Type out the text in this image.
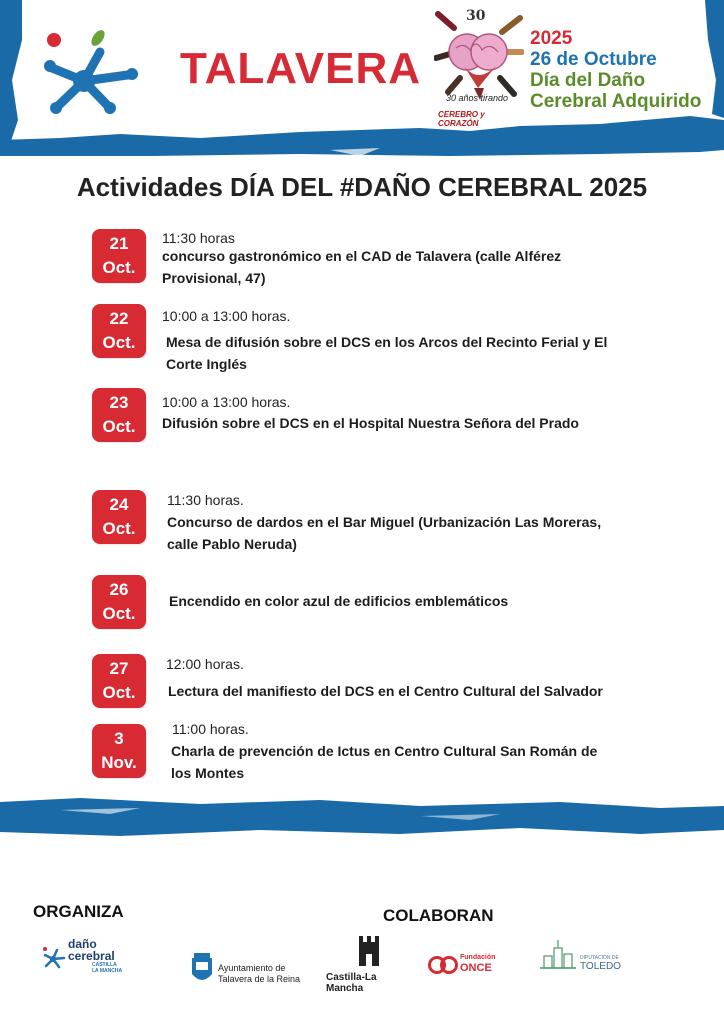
TALAVERA
30
30 años tirando
CEREBRO y CORAZÓN
2025
26 de Octubre
Día del Daño
Cerebral Adquirido
Actividades DÍA DEL #DAÑO CEREBRAL 2025
21
Oct.
11:30 horas
concurso gastronómico en el CAD de Talavera (calle Alférez
Provisional, 47)
22
Oct.
10:00 a 13:00 horas.
Mesa de difusión sobre el DCS en los Arcos del Recinto Ferial y El
Corte Inglés
23
Oct.
10:00 a 13:00 horas.
Difusión sobre el DCS en el Hospital Nuestra Señora del Prado
24
Oct.
11:30 horas.
Concurso de dardos en el Bar Miguel (Urbanización Las Moreras,
calle Pablo Neruda)
26
Oct.
Encendido en color azul de edificios emblemáticos
27
Oct.
12:00 horas.
Lectura del manifiesto del DCS en el Centro Cultural del Salvador
3
Nov.
11:00 horas.
Charla de prevención de Ictus en Centro Cultural San Román de
los Montes
ORGANIZA	COLABORAN
daño
cerebral
CASTILLA
LA MANCHA	Ayuntamiento de
Talavera de la Reina	Castilla-La Mancha
Fundación
ONCE
DIPUTACIÓN DE
TOLEDO
